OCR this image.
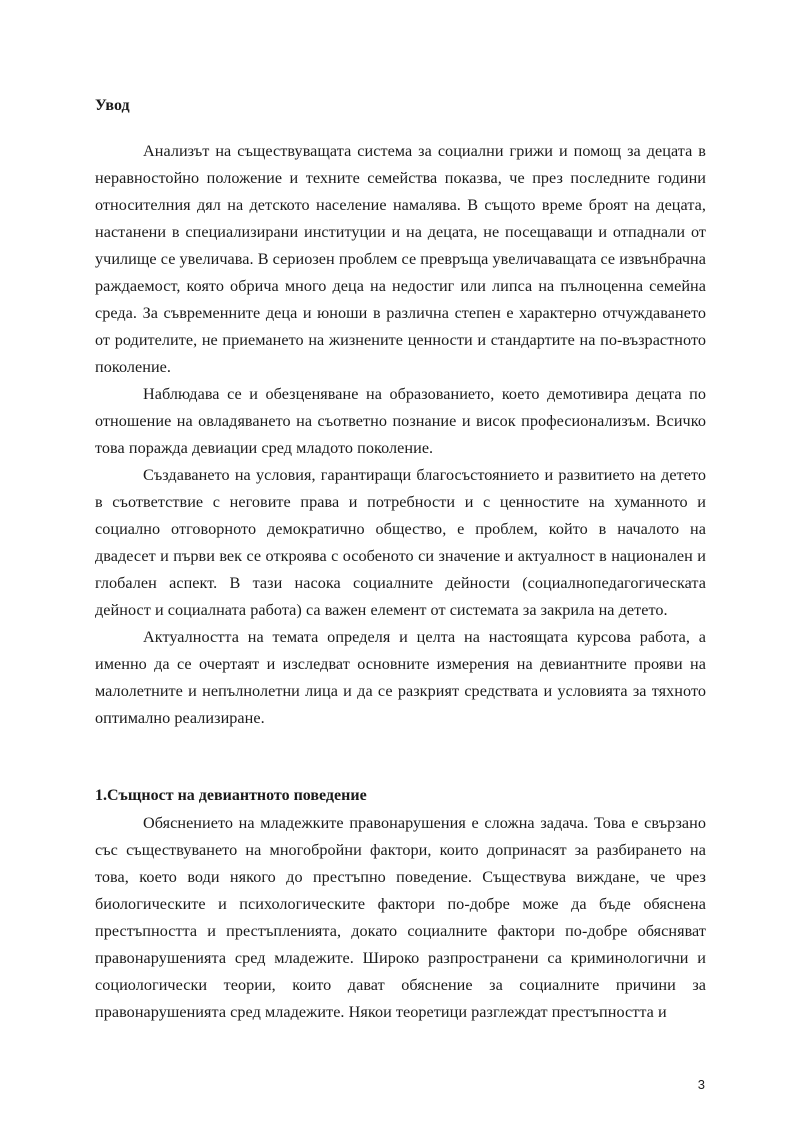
Увод

Анализът на съществуващата система за социални грижи и помощ за децата в неравностойно положение и техните семейства показва, че през последните години относителния дял на детското население намалява. В същото време броят на децата, настанени в специализирани институции и на децата, не посещаващи и отпаднали от училище се увеличава. В сериозен проблем се превръща увеличаващата се извънбрачна раждаемост, която обрича много деца на недостиг или липса на пълноценна семейна среда. За съвременните деца и юноши в различна степен е характерно отчуждаването от родителите, не приемането на жизнените ценности и стандартите на по-възрастното поколение.

Наблюдава се и обезценяване на образованието, което демотивира децата по отношение на овладяването на съответно познание и висок професионализъм. Всичко това поражда девиации сред младото поколение.

Създаването на условия, гарантиращи благосъстоянието и развитието на детето в съответствие с неговите права и потребности и с ценностите на хуманното и социално отговорното демократично общество, е проблем, който в началото на двадесет и първи век се откроява с особеното си значение и актуалност в национален и глобален аспект. В тази насока социалните дейности (социалнопедагогическата дейност и социалната работа) са важен елемент от системата за закрила на детето.

Актуалността на темата определя и целта на настоящата курсова работа, а именно да се очертаят и изследват основните измерения на девиантните прояви на малолетните и непълнолетни лица и да се разкрият средствата и условията за тяхното оптимално реализиране.

1.Същност на девиантното поведение

Обяснението на младежките правонарушения е сложна задача. Това е свързано със съществуването на многобройни фактори, които допринасят за разбирането на това, което води някого до престъпно поведение. Съществува виждане, че чрез биологическите и психологическите фактори по-добре може да бъде обяснена престъпността и престъпленията, докато социалните фактори по-добре обясняват правонарушенията сред младежите. Широко разпространени са криминологични и социологически теории, които дават обяснение за социалните причини за правонарушенията сред младежите. Някои теоретици разглеждат престъпността и

3
